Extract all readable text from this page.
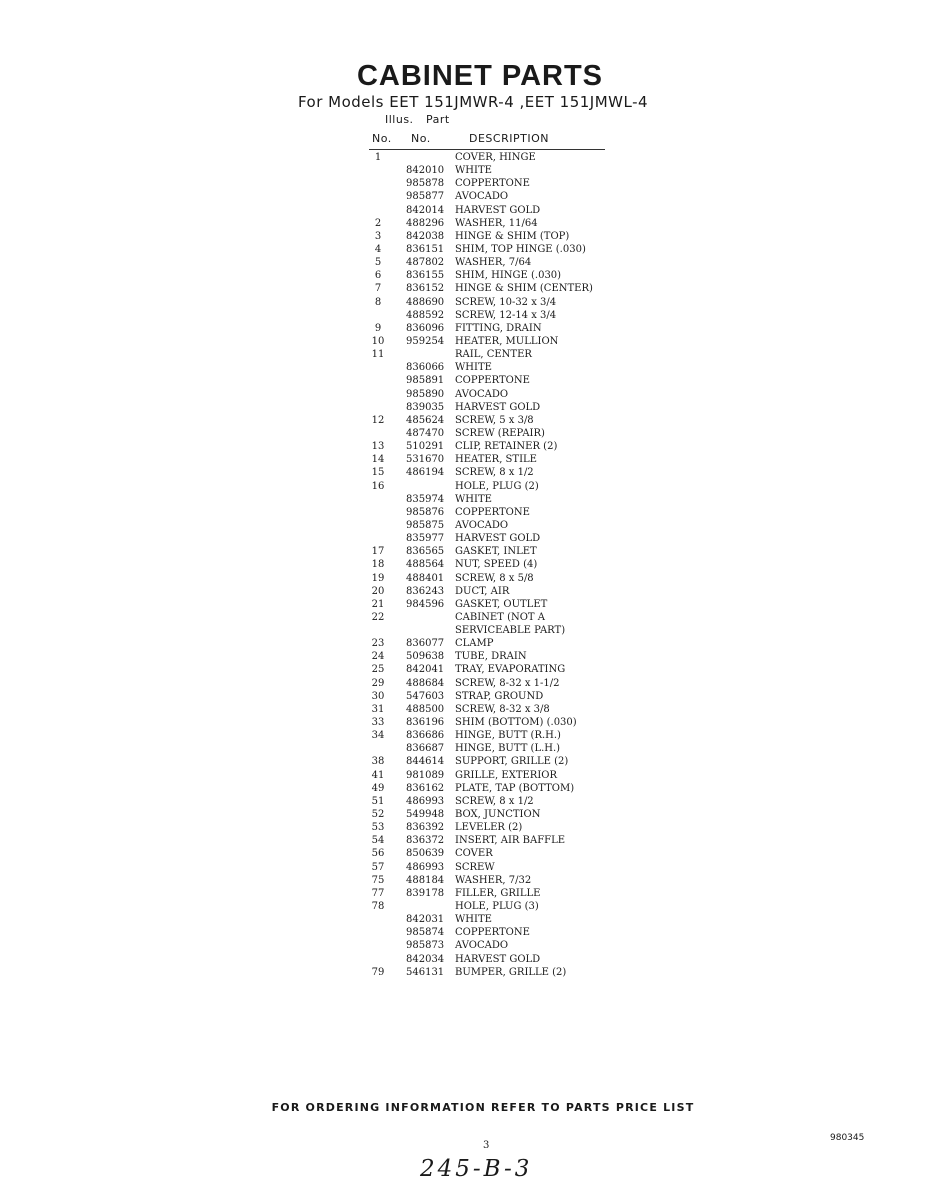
CABINET PARTS
For Models EET 151JMWR-4 ,EET 151JMWL-4
Illus. Part
No. No.	DESCRIPTION
1	COVER, HINGE
842010 WHITE
985878 COPPERTONE
985877 AVOCADO
842014 HARVEST GOLD
2	488296 WASHER, 11/64
3	842038 HINGE & SHIM (TOP)
4	836151 SHIM, TOP HINGE (.030)
5	487802 WASHER, 7/64
6	836155 SHIM, HINGE (.030)
7	836152 HINGE & SHIM (CENTER)
8	488690 SCREW, 10-32 x 3/4
488592 SCREW, 12-14 x 3/4
9	836096 FITTING, DRAIN
10	959254 HEATER, MULLION
11	RAIL, CENTER
836066 WHITE
985891 COPPERTONE
985890 AVOCADO
839035 HARVEST GOLD
12	485624 SCREW, 5 x 3/8
487470 SCREW (REPAIR)
13	510291 CLIP, RETAINER (2)
14	531670 HEATER, STILE
15	486194 SCREW, 8 x 1/2
16	HOLE, PLUG (2)
835974 WHITE
985876 COPPERTONE
985875 AVOCADO
835977 HARVEST GOLD
17	836565 GASKET, INLET
18	488564 NUT, SPEED (4)
19	488401 SCREW, 8 x 5/8
20	836243 DUCT, AIR
21	984596 GASKET, OUTLET
22	CABINET (NOT A
SERVICEABLE PART)
23	836077 CLAMP
24	509638 TUBE, DRAIN
25	842041 TRAY, EVAPORATING
29	488684 SCREW, 8-32 x 1-1/2
30	547603 STRAP, GROUND
31	488500 SCREW, 8-32 x 3/8
33	836196 SHIM (BOTTOM) (.030)
34	836686 HINGE, BUTT (R.H.)
836687 HINGE, BUTT (L.H.)
38	844614 SUPPORT, GRILLE (2)
41	981089 GRILLE, EXTERIOR
49	836162 PLATE, TAP (BOTTOM)
51	486993 SCREW, 8 x 1/2
52	549948 BOX, JUNCTION
53	836392 LEVELER (2)
54	836372 INSERT, AIR BAFFLE
56	850639 COVER
57	486993 SCREW
75	488184 WASHER, 7/32
77	839178 FILLER, GRILLE
78	HOLE, PLUG (3)
842031 WHITE
985874 COPPERTONE
985873 AVOCADO
842034 HARVEST GOLD
79	546131 BUMPER, GRILLE (2)
FOR ORDERING INFORMATION REFER TO PARTS PRICE LIST
3
980345
245-B-3
